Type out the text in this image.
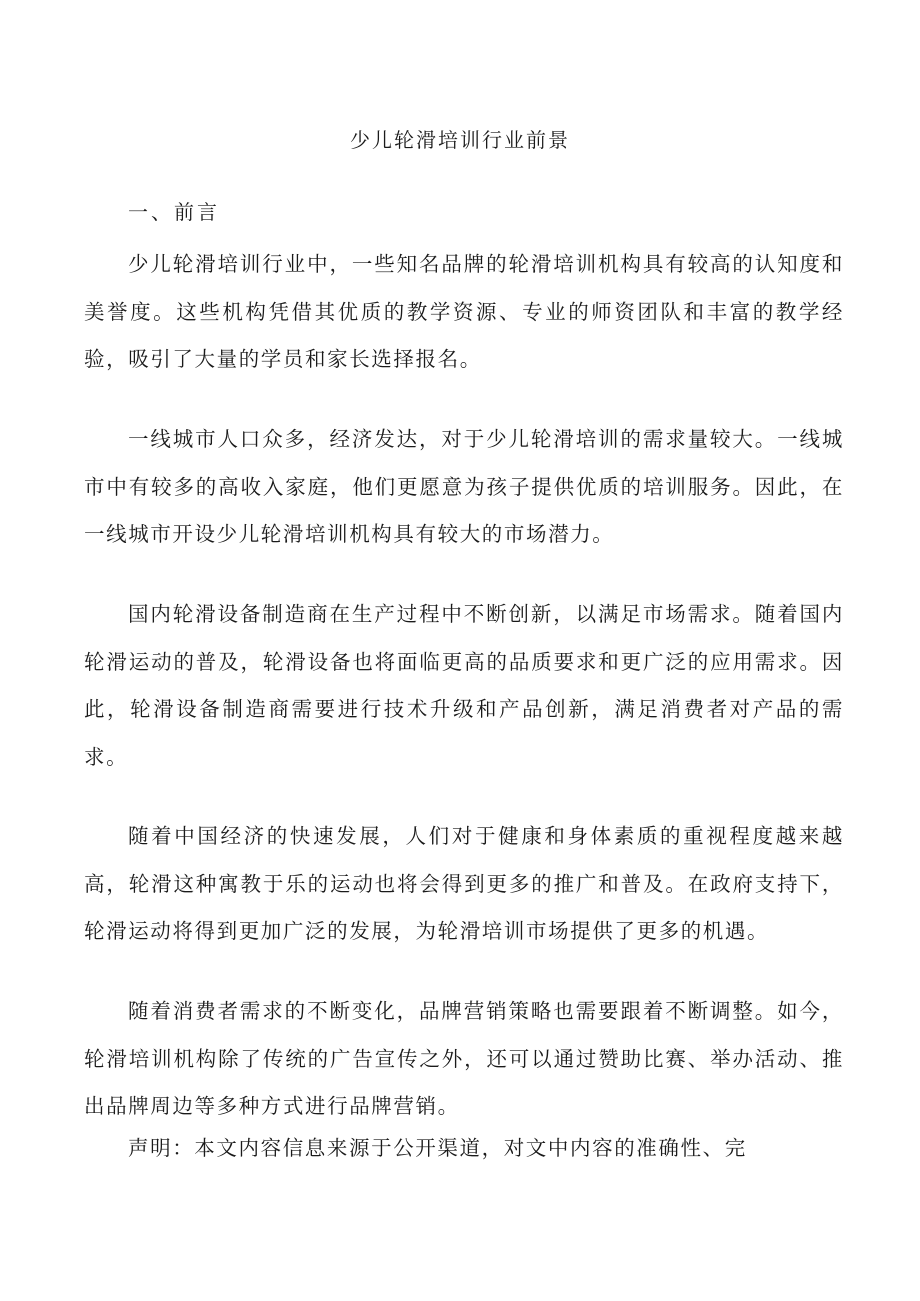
少儿轮滑培训行业前景
一、前言

少儿轮滑培训行业中，一些知名品牌的轮滑培训机构具有较高的认知度和美誉度。这些机构凭借其优质的教学资源、专业的师资团队和丰富的教学经验，吸引了大量的学员和家长选择报名。

一线城市人口众多，经济发达，对于少儿轮滑培训的需求量较大。一线城市中有较多的高收入家庭，他们更愿意为孩子提供优质的培训服务。因此，在一线城市开设少儿轮滑培训机构具有较大的市场潜力。

国内轮滑设备制造商在生产过程中不断创新，以满足市场需求。随着国内轮滑运动的普及，轮滑设备也将面临更高的品质要求和更广泛的应用需求。因此，轮滑设备制造商需要进行技术升级和产品创新，满足消费者对产品的需求。

随着中国经济的快速发展，人们对于健康和身体素质的重视程度越来越高，轮滑这种寓教于乐的运动也将会得到更多的推广和普及。在政府支持下，轮滑运动将得到更加广泛的发展，为轮滑培训市场提供了更多的机遇。

随着消费者需求的不断变化，品牌营销策略也需要跟着不断调整。如今，轮滑培训机构除了传统的广告宣传之外，还可以通过赞助比赛、举办活动、推出品牌周边等多种方式进行品牌营销。

声明：本文内容信息来源于公开渠道，对文中内容的准确性、完
